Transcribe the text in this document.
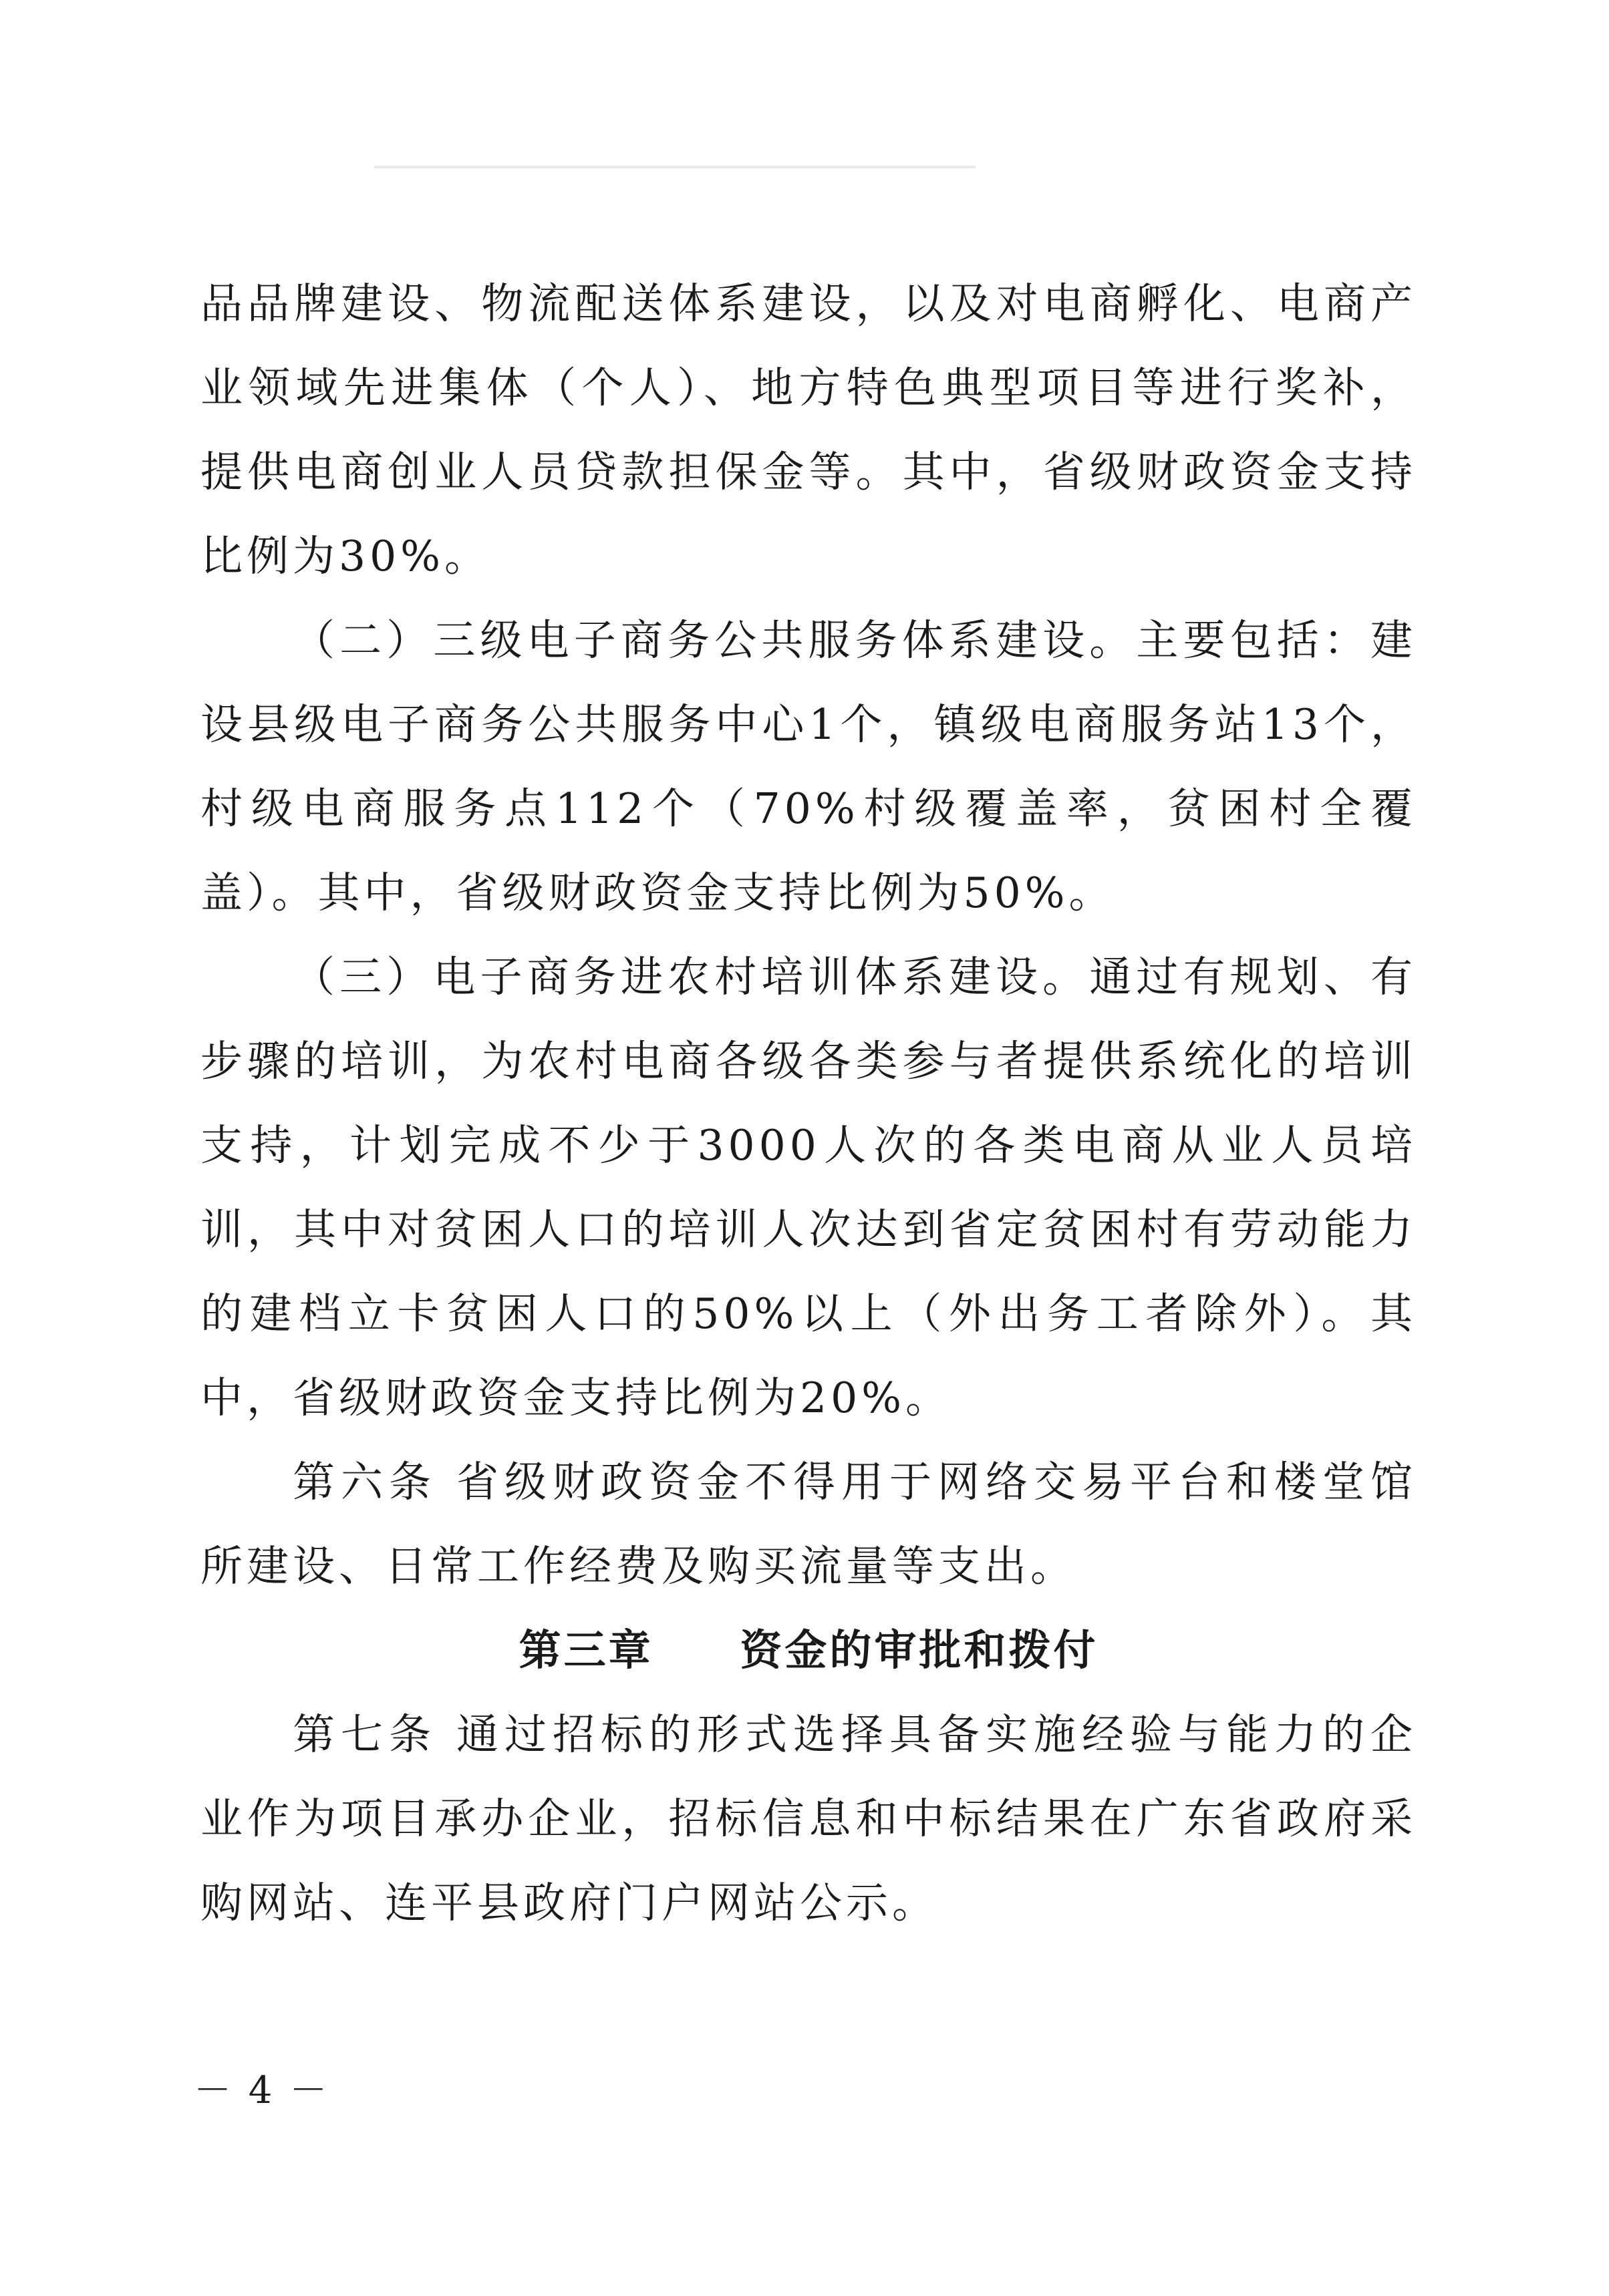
品品牌建设、物流配送体系建设，以及对电商孵化、电商产业领域先进集体（个人）、地方特色典型项目等进行奖补，提供电商创业人员贷款担保金等。其中，省级财政资金支持比例为30%。

（二）三级电子商务公共服务体系建设。主要包括：建设县级电子商务公共服务中心1个，镇级电商服务站13个，村级电商服务点112个（70%村级覆盖率，贫困村全覆盖）。其中，省级财政资金支持比例为50%。

（三）电子商务进农村培训体系建设。通过有规划、有步骤的培训，为农村电商各级各类参与者提供系统化的培训支持，计划完成不少于3000人次的各类电商从业人员培训，其中对贫困人口的培训人次达到省定贫困村有劳动能力的建档立卡贫困人口的50%以上（外出务工者除外）。其中，省级财政资金支持比例为20%。

第六条 省级财政资金不得用于网络交易平台和楼堂馆所建设、日常工作经费及购买流量等支出。

第三章     资金的审批和拨付

第七条 通过招标的形式选择具备实施经验与能力的企业作为项目承办企业，招标信息和中标结果在广东省政府采购网站、连平县政府门户网站公示。

－ 4 －
